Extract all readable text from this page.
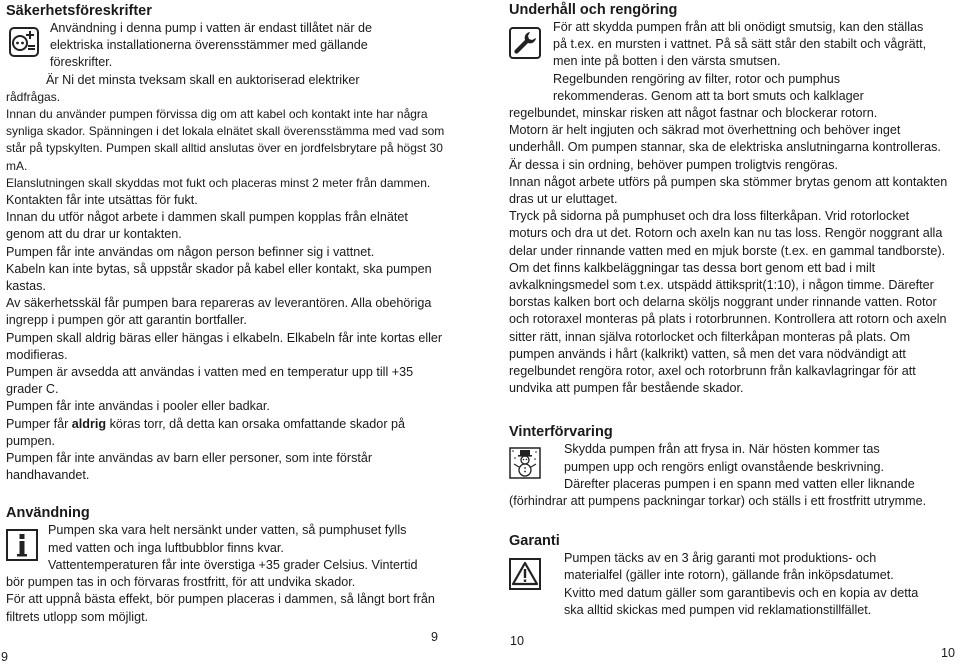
Säkerhetsföreskrifter

Användning i denna pump i vatten är endast tillåtet när de

elektriska installationerna överensstämmer med gällande

föreskrifter.

Är Ni det minsta tveksam skall en auktoriserad elektriker

rådfrågas.

Innan du använder pumpen förvissa dig om att kabel och kontakt inte har några synliga skador. Spänningen i det lokala elnätet skall överensstämma med vad som står på typskylten. Pumpen skall alltid anslutas över en jordfelsbrytare på högst 30 mA.

Elanslutningen skall skyddas mot fukt och placeras minst 2 meter från dammen.

Kontakten får inte utsättas för fukt.

Innan du utför något arbete i dammen skall pumpen kopplas från elnätet genom att du drar ur kontakten.

Pumpen får inte användas om någon person befinner sig i vattnet.

Kabeln kan inte bytas, så uppstår skador på kabel eller kontakt, ska pumpen kastas.

Av säkerhetsskäl får pumpen bara repareras av leverantören. Alla obehöriga ingrepp i pumpen gör att garantin bortfaller.

Pumpen skall aldrig bäras eller hängas i elkabeln. Elkabeln får inte kortas eller modifieras.

Pumpen är avsedda att användas i vatten med en temperatur upp till +35 grader C.

Pumpen får inte användas i pooler eller badkar.

Pumper får aldrig köras torr, då detta kan orsaka omfattande skador på pumpen.

Pumpen får inte användas av barn eller personer, som inte förstår handhavandet.

Användning

Pumpen ska vara helt nersänkt under vatten, så pumphuset fylls

med vatten och inga luftbubblor finns kvar.

Vattentemperaturen får inte överstiga +35 grader Celsius. Vintertid

bör pumpen tas in och förvaras frostfritt, för att undvika skador.

För att uppnå bästa effekt, bör pumpen placeras i dammen, så långt bort från filtrets utlopp som möjligt.

9
9
Underhåll och rengöring

För att skydda pumpen från att bli onödigt smutsig, kan den ställas

på t.ex. en mursten i vattnet. På så sätt står den stabilt och vågrätt,

men inte på botten i den värsta smutsen.

Regelbunden rengöring av filter, rotor och pumphus

rekommenderas. Genom att ta bort smuts och kalklager

regelbundet, minskar risken att något fastnar och blockerar rotorn.

Motorn är helt ingjuten och säkrad mot överhettning och behöver inget underhåll. Om pumpen stannar, ska de elektriska anslutningarna kontrolleras. Är dessa i sin ordning, behöver pumpen troligtvis rengöras.

Innan något arbete utförs på pumpen ska stömmer brytas genom att kontakten dras ut ur eluttaget.

Tryck på sidorna på pumphuset och dra loss filterkåpan. Vrid rotorlocket moturs och dra ut det. Rotorn och axeln kan nu tas loss. Rengör noggrant alla delar under rinnande vatten med en mjuk borste (t.ex. en gammal tandborste). Om det finns kalkbeläggningar tas dessa bort genom ett bad i milt avkalkningsmedel som t.ex. utspädd ättiksprit(1:10), i någon timme. Därefter borstas kalken bort och delarna sköljs noggrant under rinnande vatten. Rotor och rotoraxel monteras på plats i rotorbrunnen. Kontrollera att rotorn och axeln sitter rätt, innan själva rotorlocket och filterkåpan monteras på plats. Om pumpen används i hårt (kalkrikt) vatten, så men det vara nödvändigt att regelbundet rengöra rotor, axel och rotorbrunn från kalkavlagringar för att undvika att pumpen får bestående skador.

Vinterförvaring

Skydda pumpen från att frysa in. När hösten kommer tas

pumpen upp och rengörs enligt ovanstående beskrivning.

Därefter placeras pumpen i en spann med vatten eller liknande

(förhindrar att pumpens packningar torkar) och ställs i ett frostfritt utrymme.

Garanti

Pumpen täcks av en 3 årig garanti mot produktions- och

materialfel (gäller inte rotorn), gällande från inköpsdatumet.

Kvitto med datum gäller som garantibevis och en kopia av detta

ska alltid skickas med pumpen vid reklamationstillfället.

10
10
